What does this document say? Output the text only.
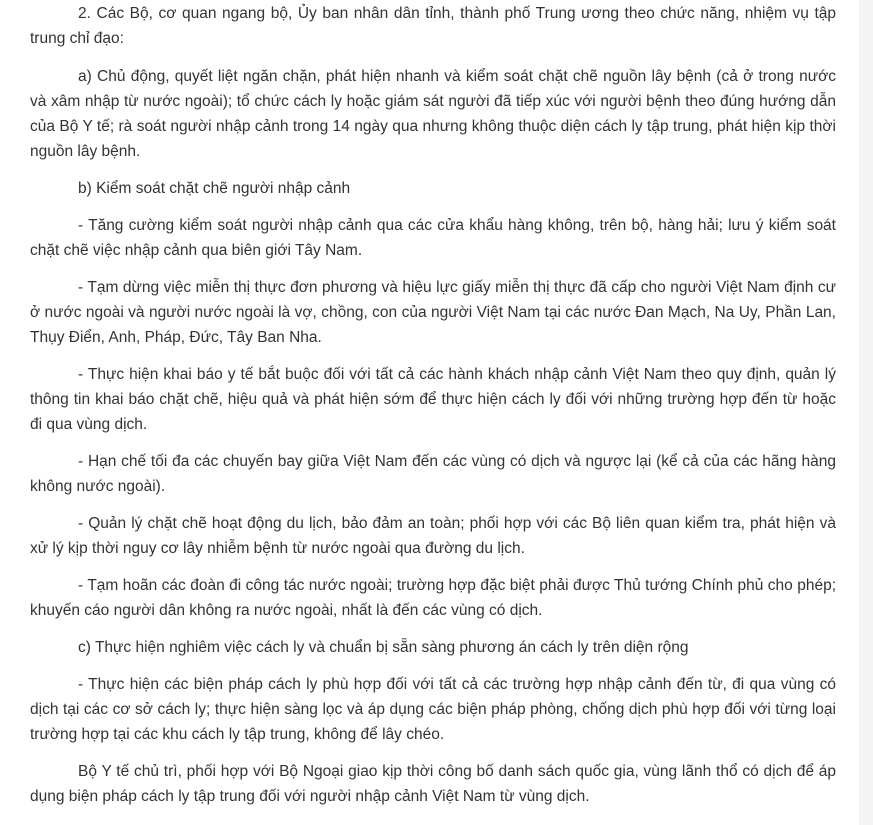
2. Các Bộ, cơ quan ngang bộ, Ủy ban nhân dân tỉnh, thành phố Trung ương theo chức năng, nhiệm vụ tập trung chỉ đạo:

a) Chủ động, quyết liệt ngăn chặn, phát hiện nhanh và kiểm soát chặt chẽ nguồn lây bệnh (cả ở trong nước và xâm nhập từ nước ngoài); tổ chức cách ly hoặc giám sát người đã tiếp xúc với người bệnh theo đúng hướng dẫn của Bộ Y tế; rà soát người nhập cảnh trong 14 ngày qua nhưng không thuộc diện cách ly tập trung, phát hiện kịp thời nguồn lây bệnh.

b) Kiểm soát chặt chẽ người nhập cảnh

- Tăng cường kiểm soát người nhập cảnh qua các cửa khẩu hàng không, trên bộ, hàng hải; lưu ý kiểm soát chặt chẽ việc nhập cảnh qua biên giới Tây Nam.

- Tạm dừng việc miễn thị thực đơn phương và hiệu lực giấy miễn thị thực đã cấp cho người Việt Nam định cư ở nước ngoài và người nước ngoài là vợ, chồng, con của người Việt Nam tại các nước Đan Mạch, Na Uy, Phần Lan, Thụy Điển, Anh, Pháp, Đức, Tây Ban Nha.

- Thực hiện khai báo y tế bắt buộc đối với tất cả các hành khách nhập cảnh Việt Nam theo quy định, quản lý thông tin khai báo chặt chẽ, hiệu quả và phát hiện sớm để thực hiện cách ly đối với những trường hợp đến từ hoặc đi qua vùng dịch.

- Hạn chế tối đa các chuyến bay giữa Việt Nam đến các vùng có dịch và ngược lại (kể cả của các hãng hàng không nước ngoài).

- Quản lý chặt chẽ hoạt động du lịch, bảo đảm an toàn; phối hợp với các Bộ liên quan kiểm tra, phát hiện và xử lý kịp thời nguy cơ lây nhiễm bệnh từ nước ngoài qua đường du lịch.

- Tạm hoãn các đoàn đi công tác nước ngoài; trường hợp đặc biệt phải được Thủ tướng Chính phủ cho phép; khuyến cáo người dân không ra nước ngoài, nhất là đến các vùng có dịch.

c) Thực hiện nghiêm việc cách ly và chuẩn bị sẵn sàng phương án cách ly trên diện rộng

- Thực hiện các biện pháp cách ly phù hợp đối với tất cả các trường hợp nhập cảnh đến từ, đi qua vùng có dịch tại các cơ sở cách ly; thực hiện sàng lọc và áp dụng các biện pháp phòng, chống dịch phù hợp đối với từng loại trường hợp tại các khu cách ly tập trung, không để lây chéo.

Bộ Y tế chủ trì, phối hợp với Bộ Ngoại giao kịp thời công bố danh sách quốc gia, vùng lãnh thổ có dịch để áp dụng biện pháp cách ly tập trung đối với người nhập cảnh Việt Nam từ vùng dịch.
